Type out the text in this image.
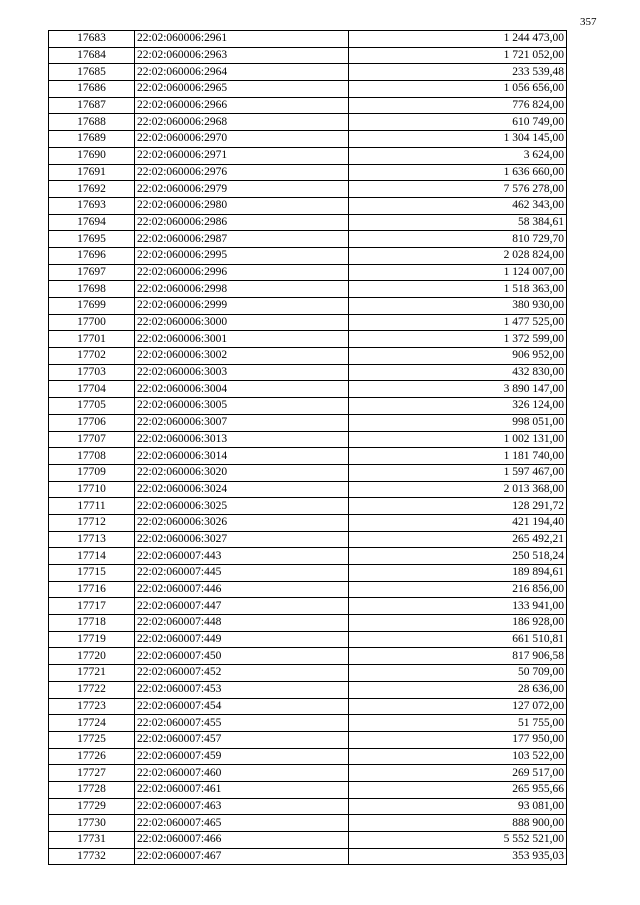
357
17683	22:02:060006:2961	1 244 473,00
17684	22:02:060006:2963	1 721 052,00
17685	22:02:060006:2964	233 539,48
17686	22:02:060006:2965	1 056 656,00
17687	22:02:060006:2966	776 824,00
17688	22:02:060006:2968	610 749,00
17689	22:02:060006:2970	1 304 145,00
17690	22:02:060006:2971	3 624,00
17691	22:02:060006:2976	1 636 660,00
17692	22:02:060006:2979	7 576 278,00
17693	22:02:060006:2980	462 343,00
17694	22:02:060006:2986	58 384,61
17695	22:02:060006:2987	810 729,70
17696	22:02:060006:2995	2 028 824,00
17697	22:02:060006:2996	1 124 007,00
17698	22:02:060006:2998	1 518 363,00
17699	22:02:060006:2999	380 930,00
17700	22:02:060006:3000	1 477 525,00
17701	22:02:060006:3001	1 372 599,00
17702	22:02:060006:3002	906 952,00
17703	22:02:060006:3003	432 830,00
17704	22:02:060006:3004	3 890 147,00
17705	22:02:060006:3005	326 124,00
17706	22:02:060006:3007	998 051,00
17707	22:02:060006:3013	1 002 131,00
17708	22:02:060006:3014	1 181 740,00
17709	22:02:060006:3020	1 597 467,00
17710	22:02:060006:3024	2 013 368,00
17711	22:02:060006:3025	128 291,72
17712	22:02:060006:3026	421 194,40
17713	22:02:060006:3027	265 492,21
17714	22:02:060007:443	250 518,24
17715	22:02:060007:445	189 894,61
17716	22:02:060007:446	216 856,00
17717	22:02:060007:447	133 941,00
17718	22:02:060007:448	186 928,00
17719	22:02:060007:449	661 510,81
17720	22:02:060007:450	817 906,58
17721	22:02:060007:452	50 709,00
17722	22:02:060007:453	28 636,00
17723	22:02:060007:454	127 072,00
17724	22:02:060007:455	51 755,00
17725	22:02:060007:457	177 950,00
17726	22:02:060007:459	103 522,00
17727	22:02:060007:460	269 517,00
17728	22:02:060007:461	265 955,66
17729	22:02:060007:463	93 081,00
17730	22:02:060007:465	888 900,00
17731	22:02:060007:466	5 552 521,00
17732	22:02:060007:467	353 935,03
